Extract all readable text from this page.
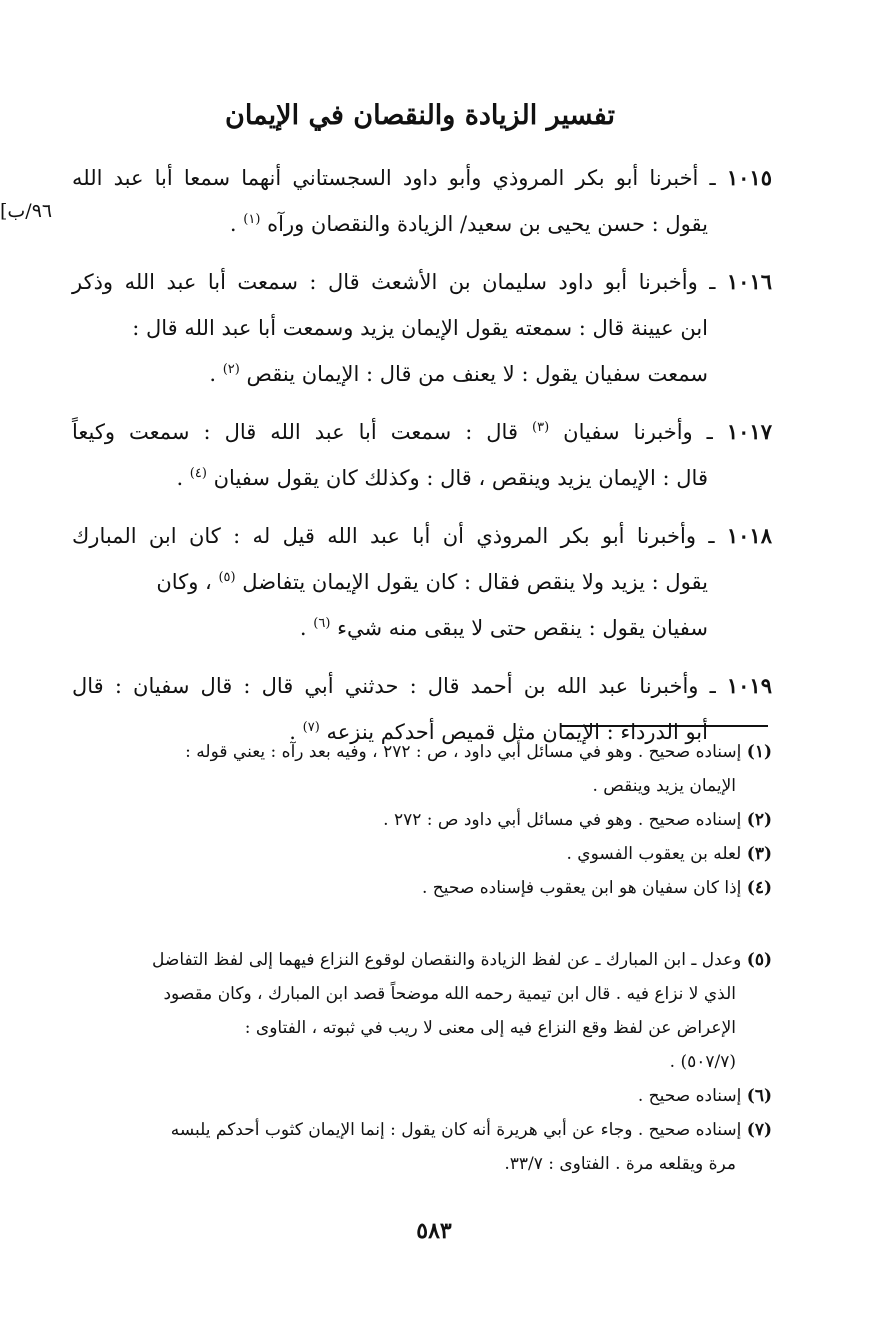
تفسير الزيادة والنقصان في الإيمان
[٩٦/ب
١٠١٥ ـ أخبرنا أبو بكر المروذي وأبو داود السجستاني أنهما سمعا أبا عبد الله
يقول : حسن يحيى بن سعيد/ الزيادة والنقصان ورآه $^{(١)}$ .
١٠١٦ ـ وأخبرنا أبو داود سليمان بن الأشعث قال : سمعت أبا عبد الله وذكر
ابن عيينة قال : سمعته يقول الإيمان يزيد وسمعت أبا عبد الله قال :
سمعت سفيان يقول : لا يعنف من قال : الإيمان ينقص $^{(٢)}$ .
١٠١٧ ـ وأخبرنا سفيان $^{(٣)}$ قال : سمعت أبا عبد الله قال : سمعت وكيعاً
قال : الإيمان يزيد وينقص ، قال : وكذلك كان يقول سفيان $^{(٤)}$ .
١٠١٨ ـ وأخبرنا أبو بكر المروذي أن أبا عبد الله قيل له : كان ابن المبارك
يقول : يزيد ولا ينقص فقال : كان يقول الإيمان يتفاضل $^{(٥)}$ ، وكان
سفيان يقول : ينقص حتى لا يبقى منه شيء $^{(٦)}$ .
١٠١٩ ـ وأخبرنا عبد الله بن أحمد قال : حدثني أبي قال : قال سفيان : قال
أبو الدرداء : الإيمان مثل قميص أحدكم ينزعه $^{(٧)}$ .
(١) إسناده صحيح . وهو في مسائل أبي داود ، ص : ٢٧٢ ، وفيه بعد رآه : يعني قوله :
الإيمان يزيد وينقص .
(٢) إسناده صحيح . وهو في مسائل أبي داود ص : ٢٧٢ .
(٣) لعله بن يعقوب الفسوي .
(٤) إذا كان سفيان هو ابن يعقوب فإسناده صحيح .
(٥) وعدل ـ ابن المبارك ـ عن لفظ الزيادة والنقصان لوقوع النزاع فيهما إلى لفظ التفاضل
الذي لا نزاع فيه . قال ابن تيمية رحمه الله موضحاً قصد ابن المبارك ، وكان مقصود
الإعراض عن لفظ وقع النزاع فيه إلى معنى لا ريب في ثبوته ، الفتاوى :
(٥٠٧/٧) .
(٦) إسناده صحيح .
(٧) إسناده صحيح . وجاء عن أبي هريرة أنه كان يقول : إنما الإيمان كثوب أحدكم يلبسه
مرة ويقلعه مرة . الفتاوى : ٣٣/٧.
٥٨٣
